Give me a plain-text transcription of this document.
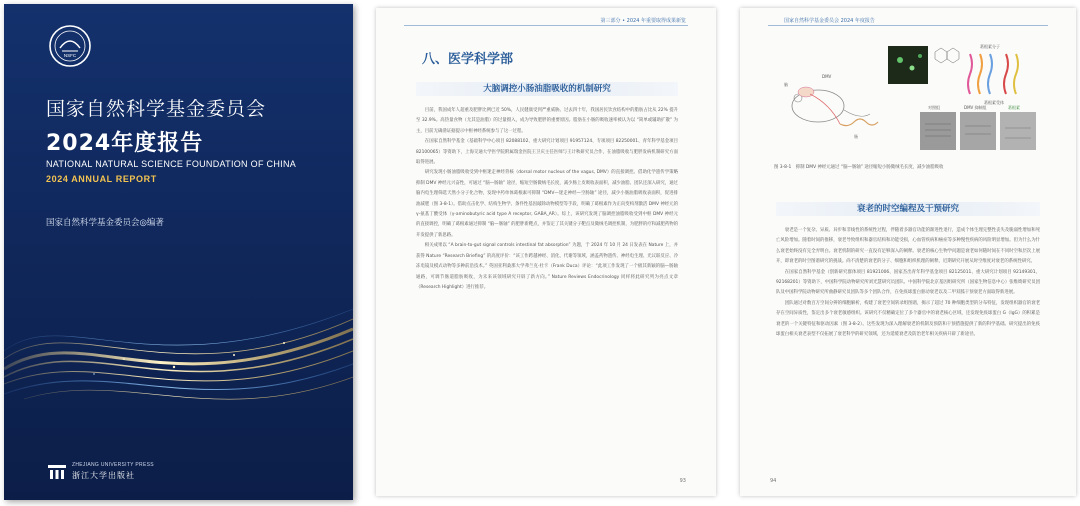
NSFC
国家自然科学基金委员会
2024年度报告
NATIONAL NATURAL SCIENCE FOUNDATION OF CHINA
2024 ANNUAL REPORT
国家自然科学基金委员会◎编著
ZHEJIANG UNIVERSITY PRESS
浙江大学出版社
第三部分 • 2024 年重要取得成果新览
八、医学科学部
大脑调控小肠油脂吸收的机制研究

目前，我国成年人超重及肥胖比例已近 50%，人民健康受到严重威胁。过去四十年，我国居民饮食结构中的脂肪占比从 22% 提升至 32.9%。高热量食物（尤其是油脂）的过量摄入，成为导致肥胖的重要原因。脂肪在小肠的吸收速率被认为以 “简单或辅助扩散” 为主，目前无确凿证据提示中枢神经系统参与了这一过程。

在国家自然科学基金（基础科学中心项目 82088102、重大研究计划项目 91957124、专项项目 82250001、青年科学基金项目 82100065）等资助下，上海交通大学医学院附属瑞金医院王卫庆主任医师与王计秋研究员合作，在油脂吸收与肥胖发病机制研究方面取得进展。

研究发现小肠油脂吸收受到中枢迷走神经背核（dorsal motor nucleus of the vagus, DMV）的直接调控。借助化学遗传学策略抑制 DMV 神经元兴奋性，可通过 “脑—肠轴” 途径，缩短空肠微绒毛长度，减少肠上皮吸收表面积，减少油脂、团队还深入研究，通过脑内电生理筛选天然小分子化合物，发现中药单体葛根素可抑制 “DMV—迷走神经—空肠轴” 途径，减少小肠油脂吸收表面积，促进排油减肥（图 3-8-1）。借助点击化学、结构生物学、条件性基因敲除动物模型等手段，明确了葛根素作为正向变构剂激活 DMV 神经元的 γ-氨基丁酸受体（γ-aminobutyric acid type A receptor, GABA_AR）。综上，该研究发现了脑调控油脂吸收受到中枢 DMV 神经元的直接调控，明确了葛根素通过抑制 “脑—肠轴” 的肥胖新靶点，并鉴定了其关键分子靶点及微绒毛调控机制，为肥胖的疗和减肥药物的开发提供了新思路。

相关成果以 “A brain-to-gut signal controls intestinal fat absorption” 为题，于 2024 年 10 月 24 日发表在 Nature 上，并获得 Nature “Research Briefing” 的高度评价：“该工作跨越神经、消化、代谢等领域，涵盖药物遗传、神经电生理、光议联反应、冷冻电镜及模式动物等多种前沿技术。” 英国亚利桑那大学弗兰克·杜卡（Frank Duca）评论：“此项工作发现了一个极其新颖的脑—肠轴通路，可调节肠道脂肪吸收，为未来该领域研究开辟了新方向。” Nature Reviews Endocrinology 同样将此研究列为亮点文章（Research Highlight）进行推荐。

93
国家自然科学基金委员会 2024 年度报告
脑
肠
DMV
葛根素分子
葛根素受体
对照组	DMV 抑制组	葛根素
图 3-8-1　抑制 DMV 神经元通过 “脑—肠轴” 途径缩短小肠微绒毛长度，减少油脂吸收
衰老的时空编程及干预研究

衰老是一个复杂、异质、异步和非线性的系统性过程，伴随着多器官功能的渐进性退行，造成个体生理完整性丧失及脆弱性增加和死亡风险增加。随着时间的推移，衰老导致组织和器官结构和功能受损，心血管疾病和癌症等多种慢性疾病的风险明显增加。但为什么为什么衰老始终没有完全弄明白。衰老机制的研究一直没有足够深入的阐释。衰老的核心生物学问题是衰老如何随时间在不同时空和层次上展开，即衰老的时空图谱研究的挑战。尚不清楚的衰老的分子、细胞和组织机理的阐释，近期研究开展从时空维度对衰老的系统性研究。

在国家自然科学基金（创新研究群体项目 81921006、国家杰出青年科学基金项目 82125011、重大研究计划项目 92149301、92168201）等资助下，中国科学院动物研究所刘光慧研究员团队、中国科学院北京基因组研究所（国家生物信息中心）张维绮研究员团队及中国科学院动物研究所曲静研究员团队等多个团队合作，在免疫球蛋白驱动衰老以及二甲双胍干预衰老方面取得新进展。

团队通过对数百万空间分辨的细胞解析，构建了衰老空间转录组图谱，揭示了超过 70 种细胞类型的分布特征，发现组织器官的衰老存在空间异质性，鉴定出多个衰老敏感组织。该研究不仅精确定位了多个器官中的衰老核心区域，还发现免疫球蛋白 G（IgG）的积累是衰老的一个关键特征和驱动因素（图 3-8-2）。这些发现为深入理解衰老的机制及预防和干预措施提供了新的科学基础。研究提出的免疫球蛋白相关衰老表型不仅拓展了衰老科学的研究领域，还为延缓衰老及防治老年相关疾病开辟了新途径。

94
